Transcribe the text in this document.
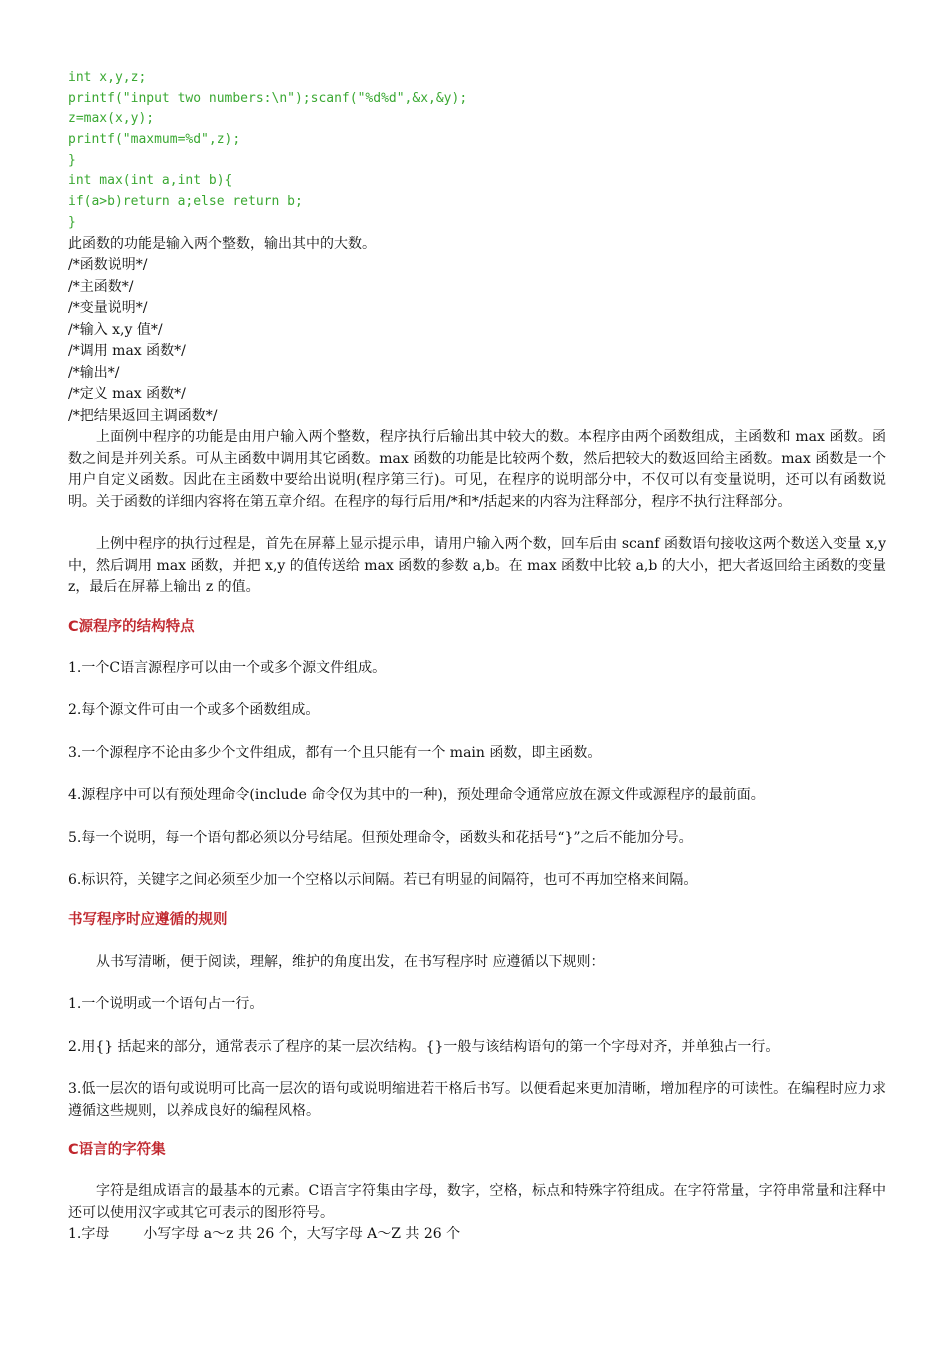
int x,y,z;
printf("input two numbers:\n");scanf("%d%d",&x,&y);
z=max(x,y);
printf("maxmum=%d",z);
}
int max(int a,int b){
if(a>b)return a;else return b;
}
此函数的功能是输入两个整数，输出其中的大数。
/*函数说明*/
/*主函数*/
/*变量说明*/
/*输入 x,y 值*/
/*调用 max 函数*/
/*输出*/
/*定义 max 函数*/
/*把结果返回主调函数*/
上面例中程序的功能是由用户输入两个整数，程序执行后输出其中较大的数。本程序由两个函数组成，主函数和 max 函数。函数之间是并列关系。可从主函数中调用其它函数。max 函数的功能是比较两个数，然后把较大的数返回给主函数。max 函数是一个用户自定义函数。因此在主函数中要给出说明(程序第三行)。可见，在程序的说明部分中，不仅可以有变量说明，还可以有函数说明。关于函数的详细内容将在第五章介绍。在程序的每行后用/*和*/括起来的内容为注释部分，程序不执行注释部分。
上例中程序的执行过程是，首先在屏幕上显示提示串，请用户输入两个数，回车后由 scanf 函数语句接收这两个数送入变量 x,y 中，然后调用 max 函数，并把 x,y 的值传送给 max 函数的参数 a,b。在 max 函数中比较 a,b 的大小，把大者返回给主函数的变量 z，最后在屏幕上输出 z 的值。
C源程序的结构特点
1.一个C语言源程序可以由一个或多个源文件组成。
2.每个源文件可由一个或多个函数组成。
3.一个源程序不论由多少个文件组成，都有一个且只能有一个 main 函数，即主函数。
4.源程序中可以有预处理命令(include 命令仅为其中的一种)，预处理命令通常应放在源文件或源程序的最前面。
5.每一个说明，每一个语句都必须以分号结尾。但预处理命令，函数头和花括号“}”之后不能加分号。
6.标识符，关键字之间必须至少加一个空格以示间隔。若已有明显的间隔符，也可不再加空格来间隔。
书写程序时应遵循的规则
从书写清晰，便于阅读，理解，维护的角度出发，在书写程序时 应遵循以下规则：
1.一个说明或一个语句占一行。
2.用{} 括起来的部分，通常表示了程序的某一层次结构。{}一般与该结构语句的第一个字母对齐，并单独占一行。
3.低一层次的语句或说明可比高一层次的语句或说明缩进若干格后书写。以便看起来更加清晰，增加程序的可读性。在编程时应力求遵循这些规则，以养成良好的编程风格。
C语言的字符集
字符是组成语言的最基本的元素。C语言字符集由字母，数字，空格，标点和特殊字符组成。在字符常量，字符串常量和注释中还可以使用汉字或其它可表示的图形符号。
1.字母 小写字母 a～z 共 26 个，大写字母 A～Z 共 26 个
